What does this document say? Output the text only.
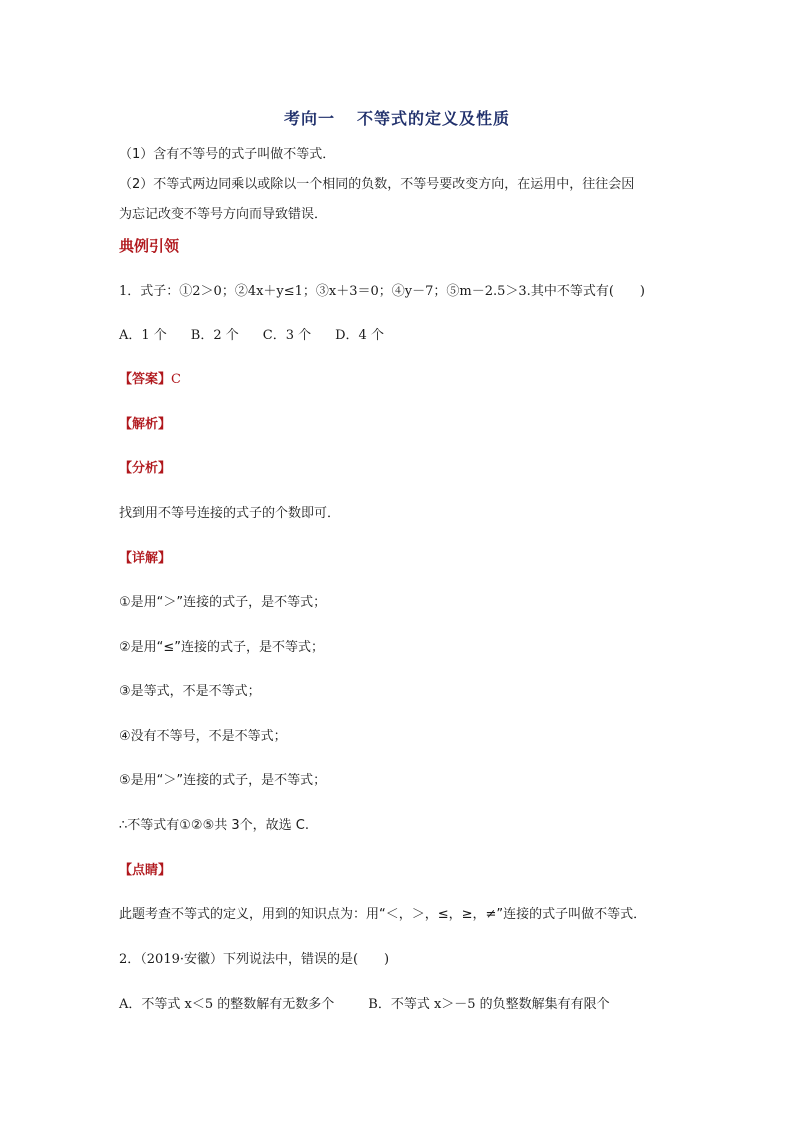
考向一 不等式的定义及性质
（1）含有不等号的式子叫做不等式．
（2）不等式两边同乘以或除以一个相同的负数，不等号要改变方向，在运用中，往往会因
为忘记改变不等号方向而导致错误．
典例引领
1．式子：①2＞0；②4x＋y≤1；③x＋3＝0；④y－7；⑤m－2.5＞3.其中不等式有(　　)
A．1 个 B．2 个 C．3 个 D．4 个
【答案】C
【解析】
【分析】
找到用不等号连接的式子的个数即可．
【详解】
①是用“＞”连接的式子，是不等式；
②是用“≤”连接的式子，是不等式；
③是等式，不是不等式；
④没有不等号，不是不等式；
⑤是用“＞”连接的式子，是不等式；
∴不等式有①②⑤共 3个，故选 C.
【点睛】
此题考查不等式的定义，用到的知识点为：用“＜，＞，≤，≥，≠”连接的式子叫做不等式．
2．（2019·安徽）下列说法中，错误的是(　　)
A．不等式 x＜5 的整数解有无数多个	B．不等式 x＞－5 的负整数解集有有限个
